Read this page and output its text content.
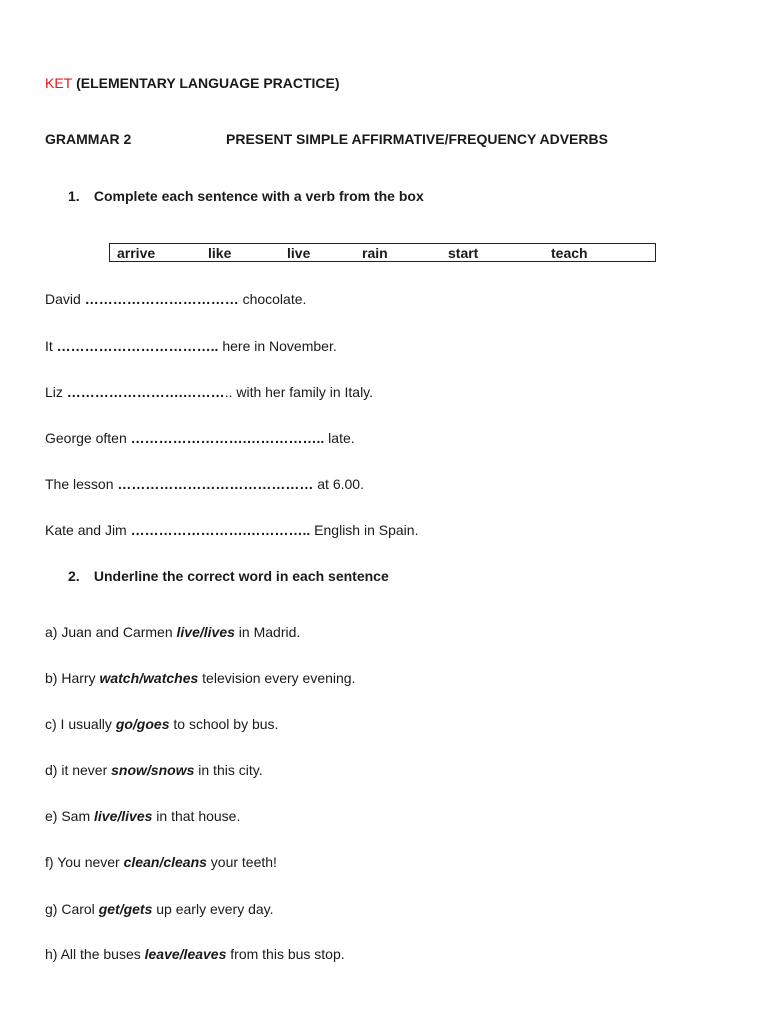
KET (ELEMENTARY LANGUAGE PRACTICE)
GRAMMAR 2	PRESENT SIMPLE AFFIRMATIVE/FREQUENCY ADVERBS
1. Complete each sentence with a verb from the box
arrive	like	live	rain	start	teach
David …………………………… chocolate.
It …………………………….. here in November.
Liz …………………….……….. with her family in Italy.
George often …………………….…………….. late.
The lesson …………………………………… at 6.00.
Kate and Jim …………………….………….. English in Spain.
2. Underline the correct word in each sentence
a) Juan and Carmen live/lives in Madrid.
b) Harry watch/watches television every evening.
c) I usually go/goes to school by bus.
d) it never snow/snows in this city.
e) Sam live/lives in that house.
f) You never clean/cleans your teeth!
g) Carol get/gets up early every day.
h) All the buses leave/leaves from this bus stop.
